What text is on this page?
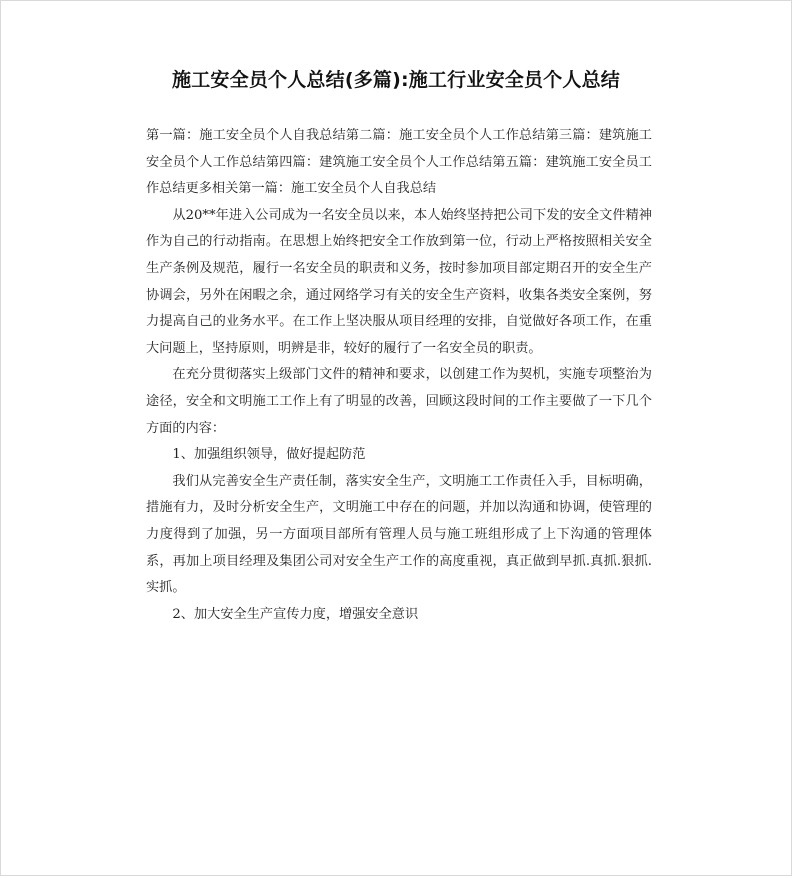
施工安全员个人总结(多篇):施工行业安全员个人总结

第一篇：施工安全员个人自我总结第二篇：施工安全员个人工作总结第三篇：建筑施工安全员个人工作总结第四篇：建筑施工安全员个人工作总结第五篇：建筑施工安全员工作总结更多相关第一篇：施工安全员个人自我总结

从20**年进入公司成为一名安全员以来，本人始终坚持把公司下发的安全文件精神作为自己的行动指南。在思想上始终把安全工作放到第一位，行动上严格按照相关安全生产条例及规范，履行一名安全员的职责和义务，按时参加项目部定期召开的安全生产协调会，另外在闲暇之余，通过网络学习有关的安全生产资料，收集各类安全案例，努力提高自己的业务水平。在工作上坚决服从项目经理的安排，自觉做好各项工作，在重大问题上，坚持原则，明辨是非，较好的履行了一名安全员的职责。

在充分贯彻落实上级部门文件的精神和要求，以创建工作为契机，实施专项整治为途径，安全和文明施工工作上有了明显的改善，回顾这段时间的工作主要做了一下几个方面的内容：

1、加强组织领导，做好提起防范

我们从完善安全生产责任制，落实安全生产，文明施工工作责任入手，目标明确，措施有力，及时分析安全生产，文明施工中存在的问题，并加以沟通和协调，使管理的力度得到了加强，另一方面项目部所有管理人员与施工班组形成了上下沟通的管理体系，再加上项目经理及集团公司对安全生产工作的高度重视，真正做到早抓.真抓.狠抓.实抓。

2、加大安全生产宣传力度，增强安全意识
